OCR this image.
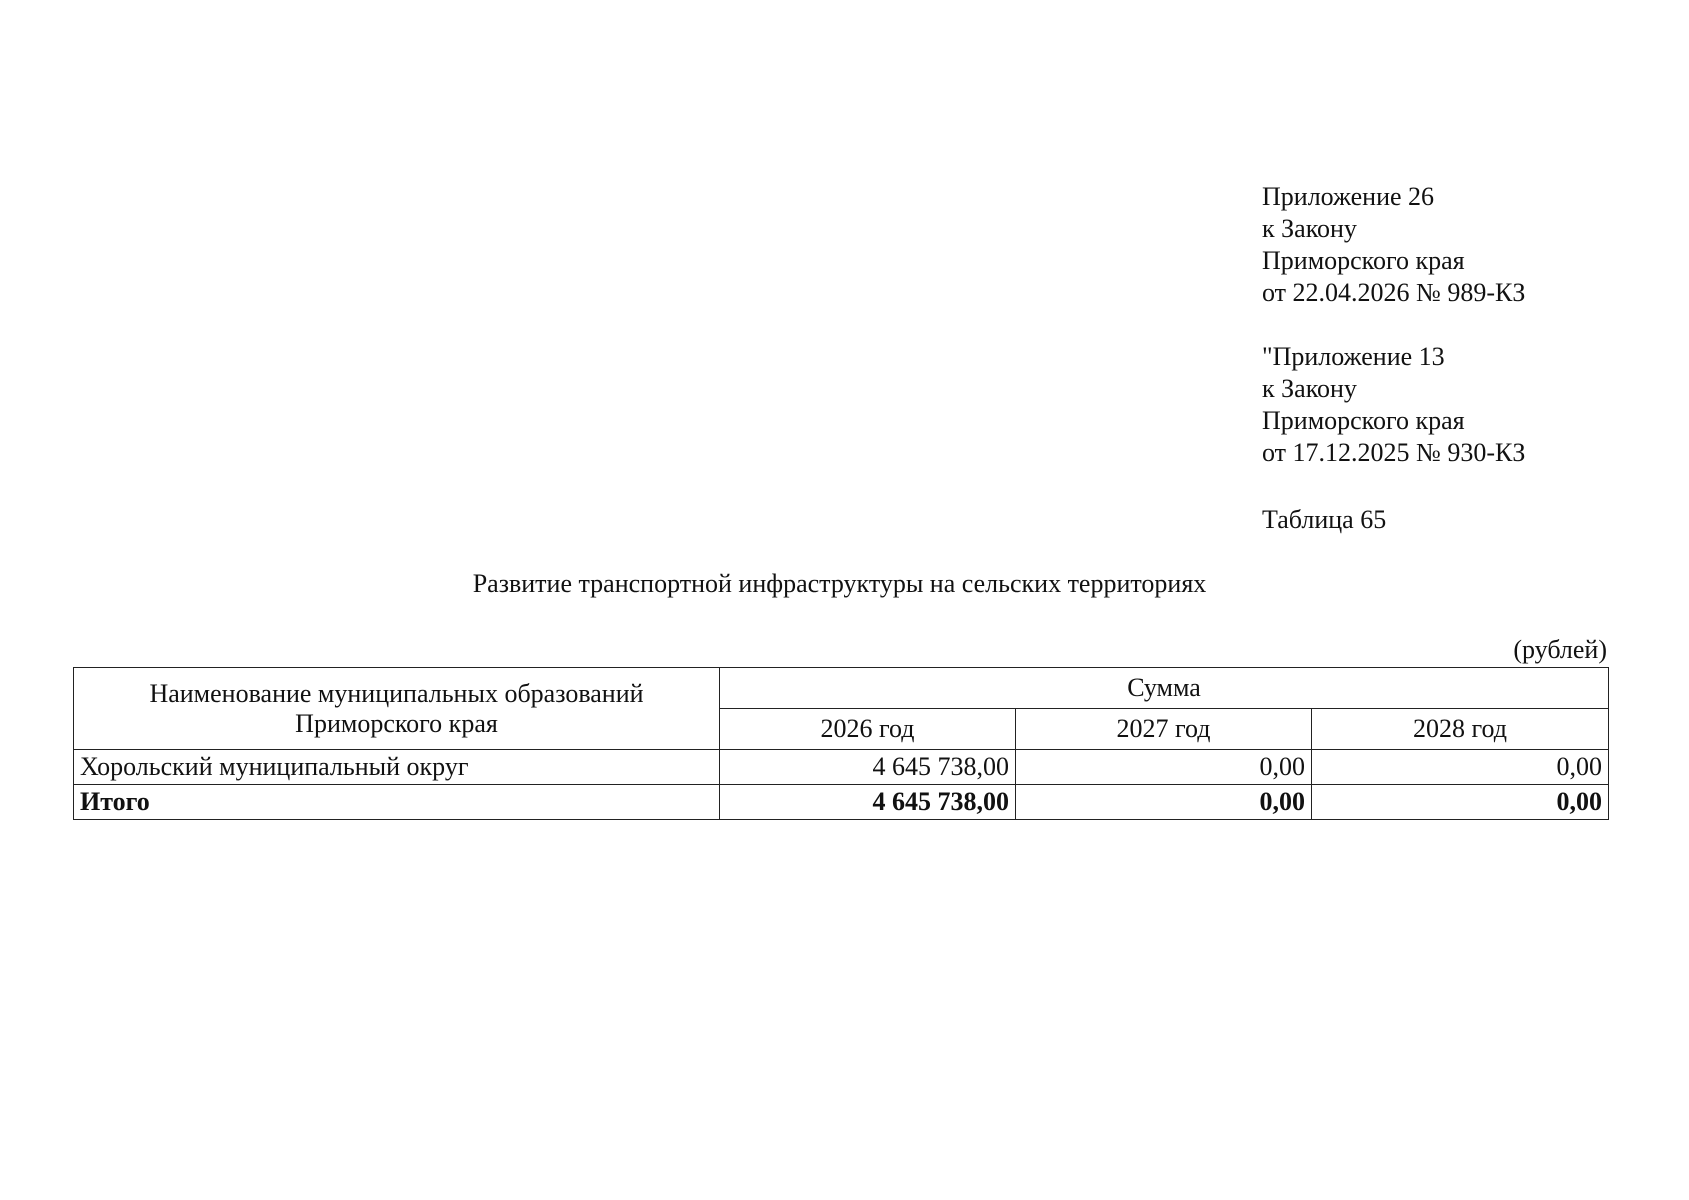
Приложение 26
к Закону
Приморского края
от 22.04.2026 № 989-КЗ
"Приложение 13
к Закону
Приморского края
от 17.12.2025 № 930-КЗ
Таблица 65
Развитие транспортной инфраструктуры на сельских территориях
(рублей)
Наименование муниципальных образований Приморского края	Сумма		
	2026 год	2027 год	2028 год
Хорольский муниципальный округ	4 645 738,00	0,00	0,00
Итого	4 645 738,00	0,00	0,00
